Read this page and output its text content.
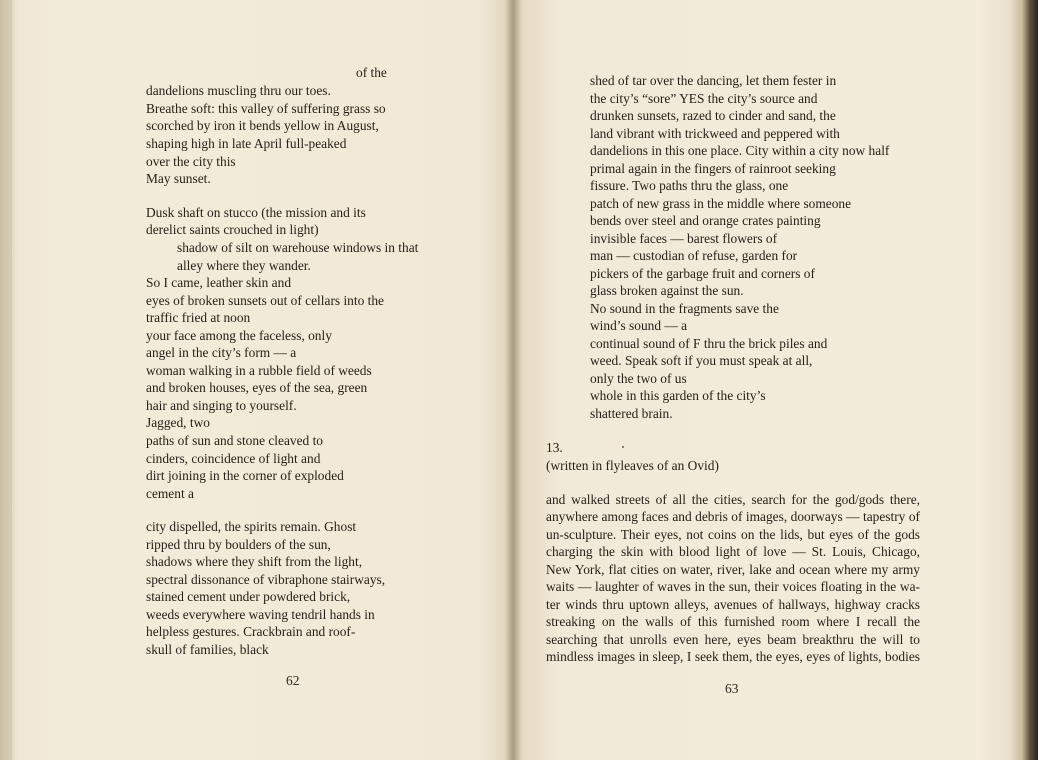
of the
dandelions muscling thru our toes.
Breathe soft: this valley of suffering grass so
scorched by iron it bends yellow in August,
shaping high in late April full-peaked
over the city this
May sunset.
Dusk shaft on stucco (the mission and its
derelict saints crouched in light)
shadow of silt on warehouse windows in that
alley where they wander.
So I came, leather skin and
eyes of broken sunsets out of cellars into the
traffic fried at noon
your face among the faceless, only
angel in the city’s form — a
woman walking in a rubble field of weeds
and broken houses, eyes of the sea, green
hair and singing to yourself.
Jagged, two
paths of sun and stone cleaved to
cinders, coincidence of light and
dirt joining in the corner of exploded
cement a
city dispelled, the spirits remain. Ghost
ripped thru by boulders of the sun,
shadows where they shift from the light,
spectral dissonance of vibraphone stairways,
stained cement under powdered brick,
weeds everywhere waving tendril hands in
helpless gestures. Crackbrain and roof-
skull of families, black
62
shed of tar over the dancing, let them fester in
the city’s “sore” YES the city’s source and
drunken sunsets, razed to cinder and sand, the
land vibrant with trickweed and peppered with
dandelions in this one place. City within a city now half
primal again in the fingers of rainroot seeking
fissure. Two paths thru the glass, one
patch of new grass in the middle where someone
bends over steel and orange crates painting
invisible faces — barest flowers of
man — custodian of refuse, garden for
pickers of the garbage fruit and corners of
glass broken against the sun.
No sound in the fragments save the
wind’s sound — a
continual sound of F thru the brick piles and
weed. Speak soft if you must speak at all,
only the two of us
whole in this garden of the city’s
shattered brain.
13.
(written in flyleaves of an Ovid)
and walked streets of all the cities, search for the god/gods there,
anywhere among faces and debris of images, doorways — tapestry of
un-sculpture. Their eyes, not coins on the lids, but eyes of the gods
charging the skin with blood light of love — St. Louis, Chicago,
New York, flat cities on water, river, lake and ocean where my army
waits — laughter of waves in the sun, their voices floating in the wa-
ter winds thru uptown alleys, avenues of hallways, highway cracks
streaking on the walls of this furnished room where I recall the
searching that unrolls even here, eyes beam breakthru the will to
mindless images in sleep, I seek them, the eyes, eyes of lights, bodies
63
